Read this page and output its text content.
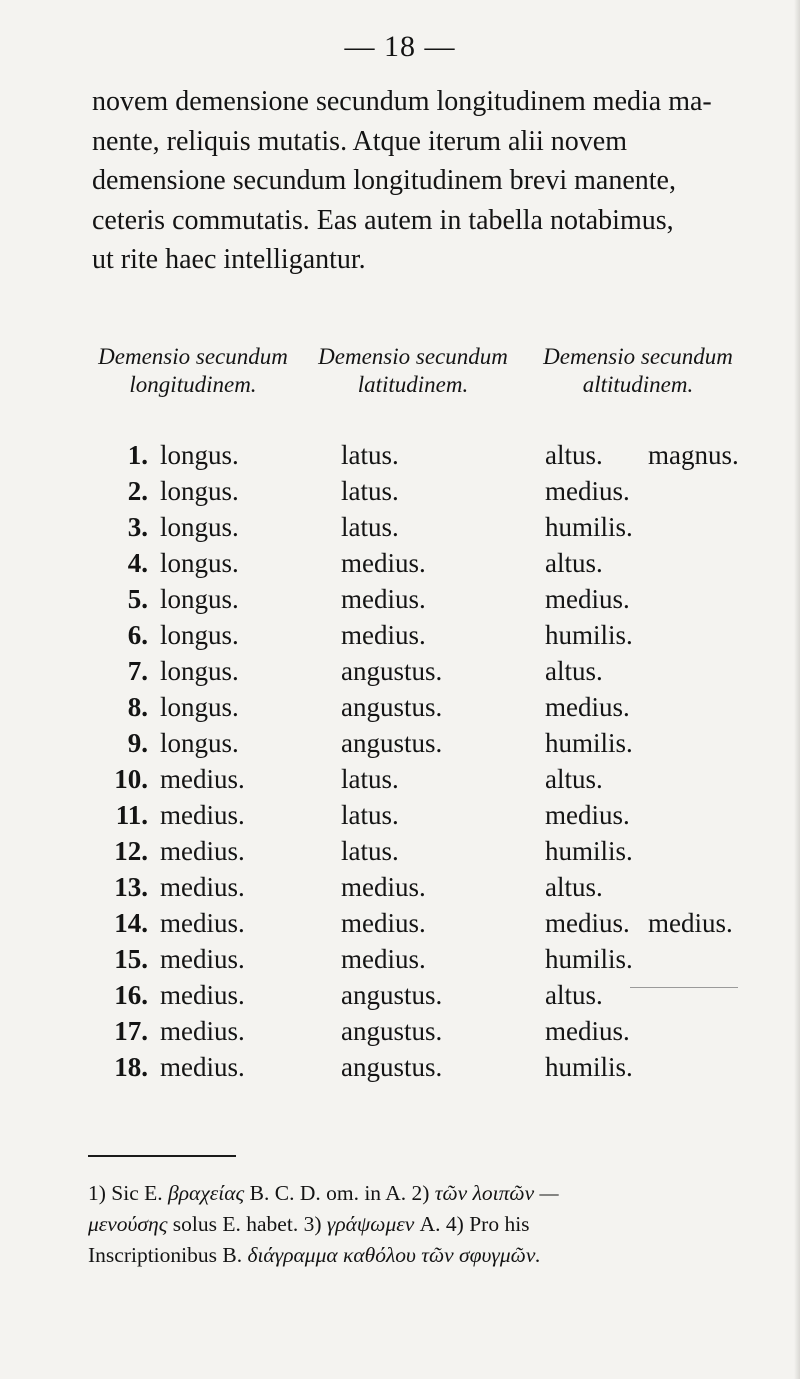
— 18 —
novem demensione secundum longitudinem media ma-
nente, reliquis mutatis. Atque iterum alii novem
demensione secundum longitudinem brevi manente,
ceteris commutatis. Eas autem in tabella notabimus,
ut rite haec intelligantur.
Demensio secundum
longitudinem.
Demensio secundum
latitudinem.
Demensio secundum
altitudinem.
1. longus.	latus.	altus. magnus.
2. longus.	latus.	medius.
3. longus.	latus.	humilis.
4. longus.	medius.	altus.
5. longus.	medius.	medius.
6. longus.	medius.	humilis.
7. longus.	angustus.	altus.
8. longus.	angustus.	medius.
9. longus.	angustus.	humilis.
10. medius.	latus.	altus.
11. medius.	latus.	medius.
12. medius.	latus.	humilis.
13. medius.	medius.	altus.
14. medius.	medius.	medius. medius.
15. medius.	medius.	humilis.
16. medius.	angustus.	altus.
17. medius.	angustus.	medius.
18. medius.	angustus.	humilis.
1) Sic E. βραχείας B. C. D. om. in A. 2) τῶν λοιπῶν —
μενούσης solus E. habet. 3) γράψωμεν A. 4) Pro his
Inscriptionibus B. διάγραμμα καθόλου τῶν σφυγμῶν.
